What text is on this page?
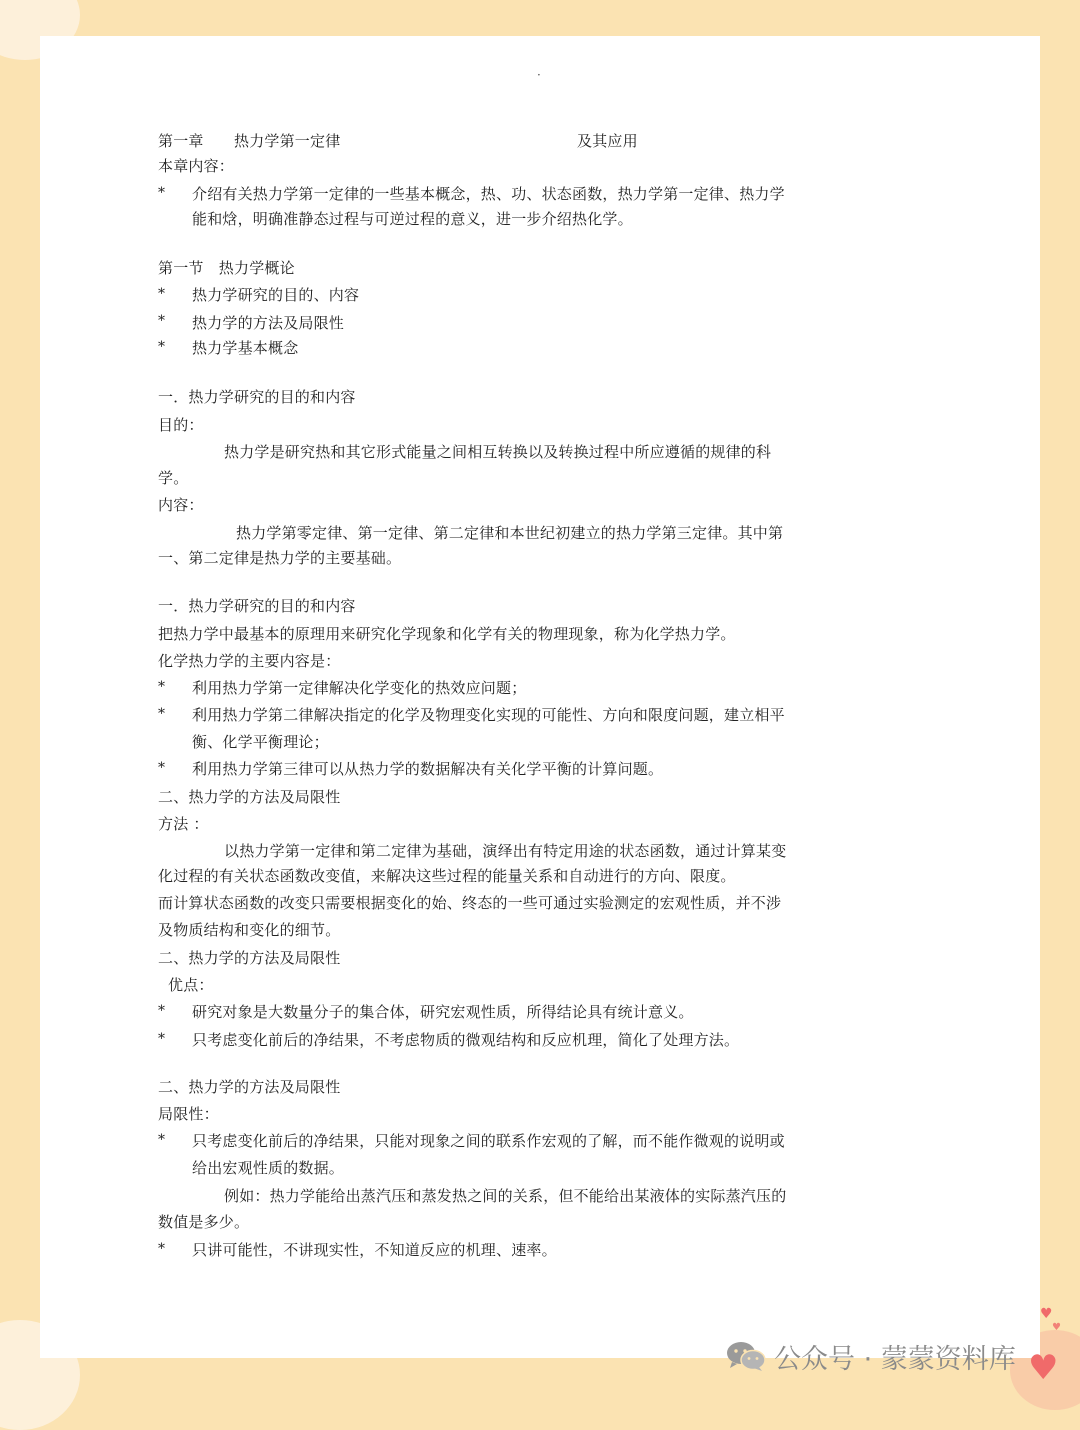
·
第一章　　热力学第一定律	及其应用
本章内容：
* 介绍有关热力学第一定律的一些基本概念，热、功、状态函数，热力学第一定律、热力学
能和焓，明确准静态过程与可逆过程的意义，进一步介绍热化学。
第一节　热力学概论
* 热力学研究的目的、内容
* 热力学的方法及局限性
* 热力学基本概念
一．热力学研究的目的和内容
目的：
热力学是研究热和其它形式能量之间相互转换以及转换过程中所应遵循的规律的科
学。
内容：
热力学第零定律、第一定律、第二定律和本世纪初建立的热力学第三定律。其中第
一、第二定律是热力学的主要基础。
一．热力学研究的目的和内容
把热力学中最基本的原理用来研究化学现象和化学有关的物理现象，称为化学热力学。
化学热力学的主要内容是：
* 利用热力学第一定律解决化学变化的热效应问题；
* 利用热力学第二律解决指定的化学及物理变化实现的可能性、方向和限度问题，建立相平
衡、化学平衡理论；
* 利用热力学第三律可以从热力学的数据解决有关化学平衡的计算问题。
二、热力学的方法及局限性
方法 ：
以热力学第一定律和第二定律为基础，演绎出有特定用途的状态函数，通过计算某变
化过程的有关状态函数改变值，来解决这些过程的能量关系和自动进行的方向、限度。
而计算状态函数的改变只需要根据变化的始、终态的一些可通过实验测定的宏观性质，并不涉
及物质结构和变化的细节。
二、热力学的方法及局限性
优点：
* 研究对象是大数量分子的集合体，研究宏观性质，所得结论具有统计意义。
* 只考虑变化前后的净结果，不考虑物质的微观结构和反应机理，简化了处理方法。
二、热力学的方法及局限性
局限性：
* 只考虑变化前后的净结果，只能对现象之间的联系作宏观的了解，而不能作微观的说明或
给出宏观性质的数据。
例如：热力学能给出蒸汽压和蒸发热之间的关系，但不能给出某液体的实际蒸汽压的
数值是多少。
* 只讲可能性，不讲现实性，不知道反应的机理、速率。
公众号 · 蒙蒙资料库
♥
♥
♥
